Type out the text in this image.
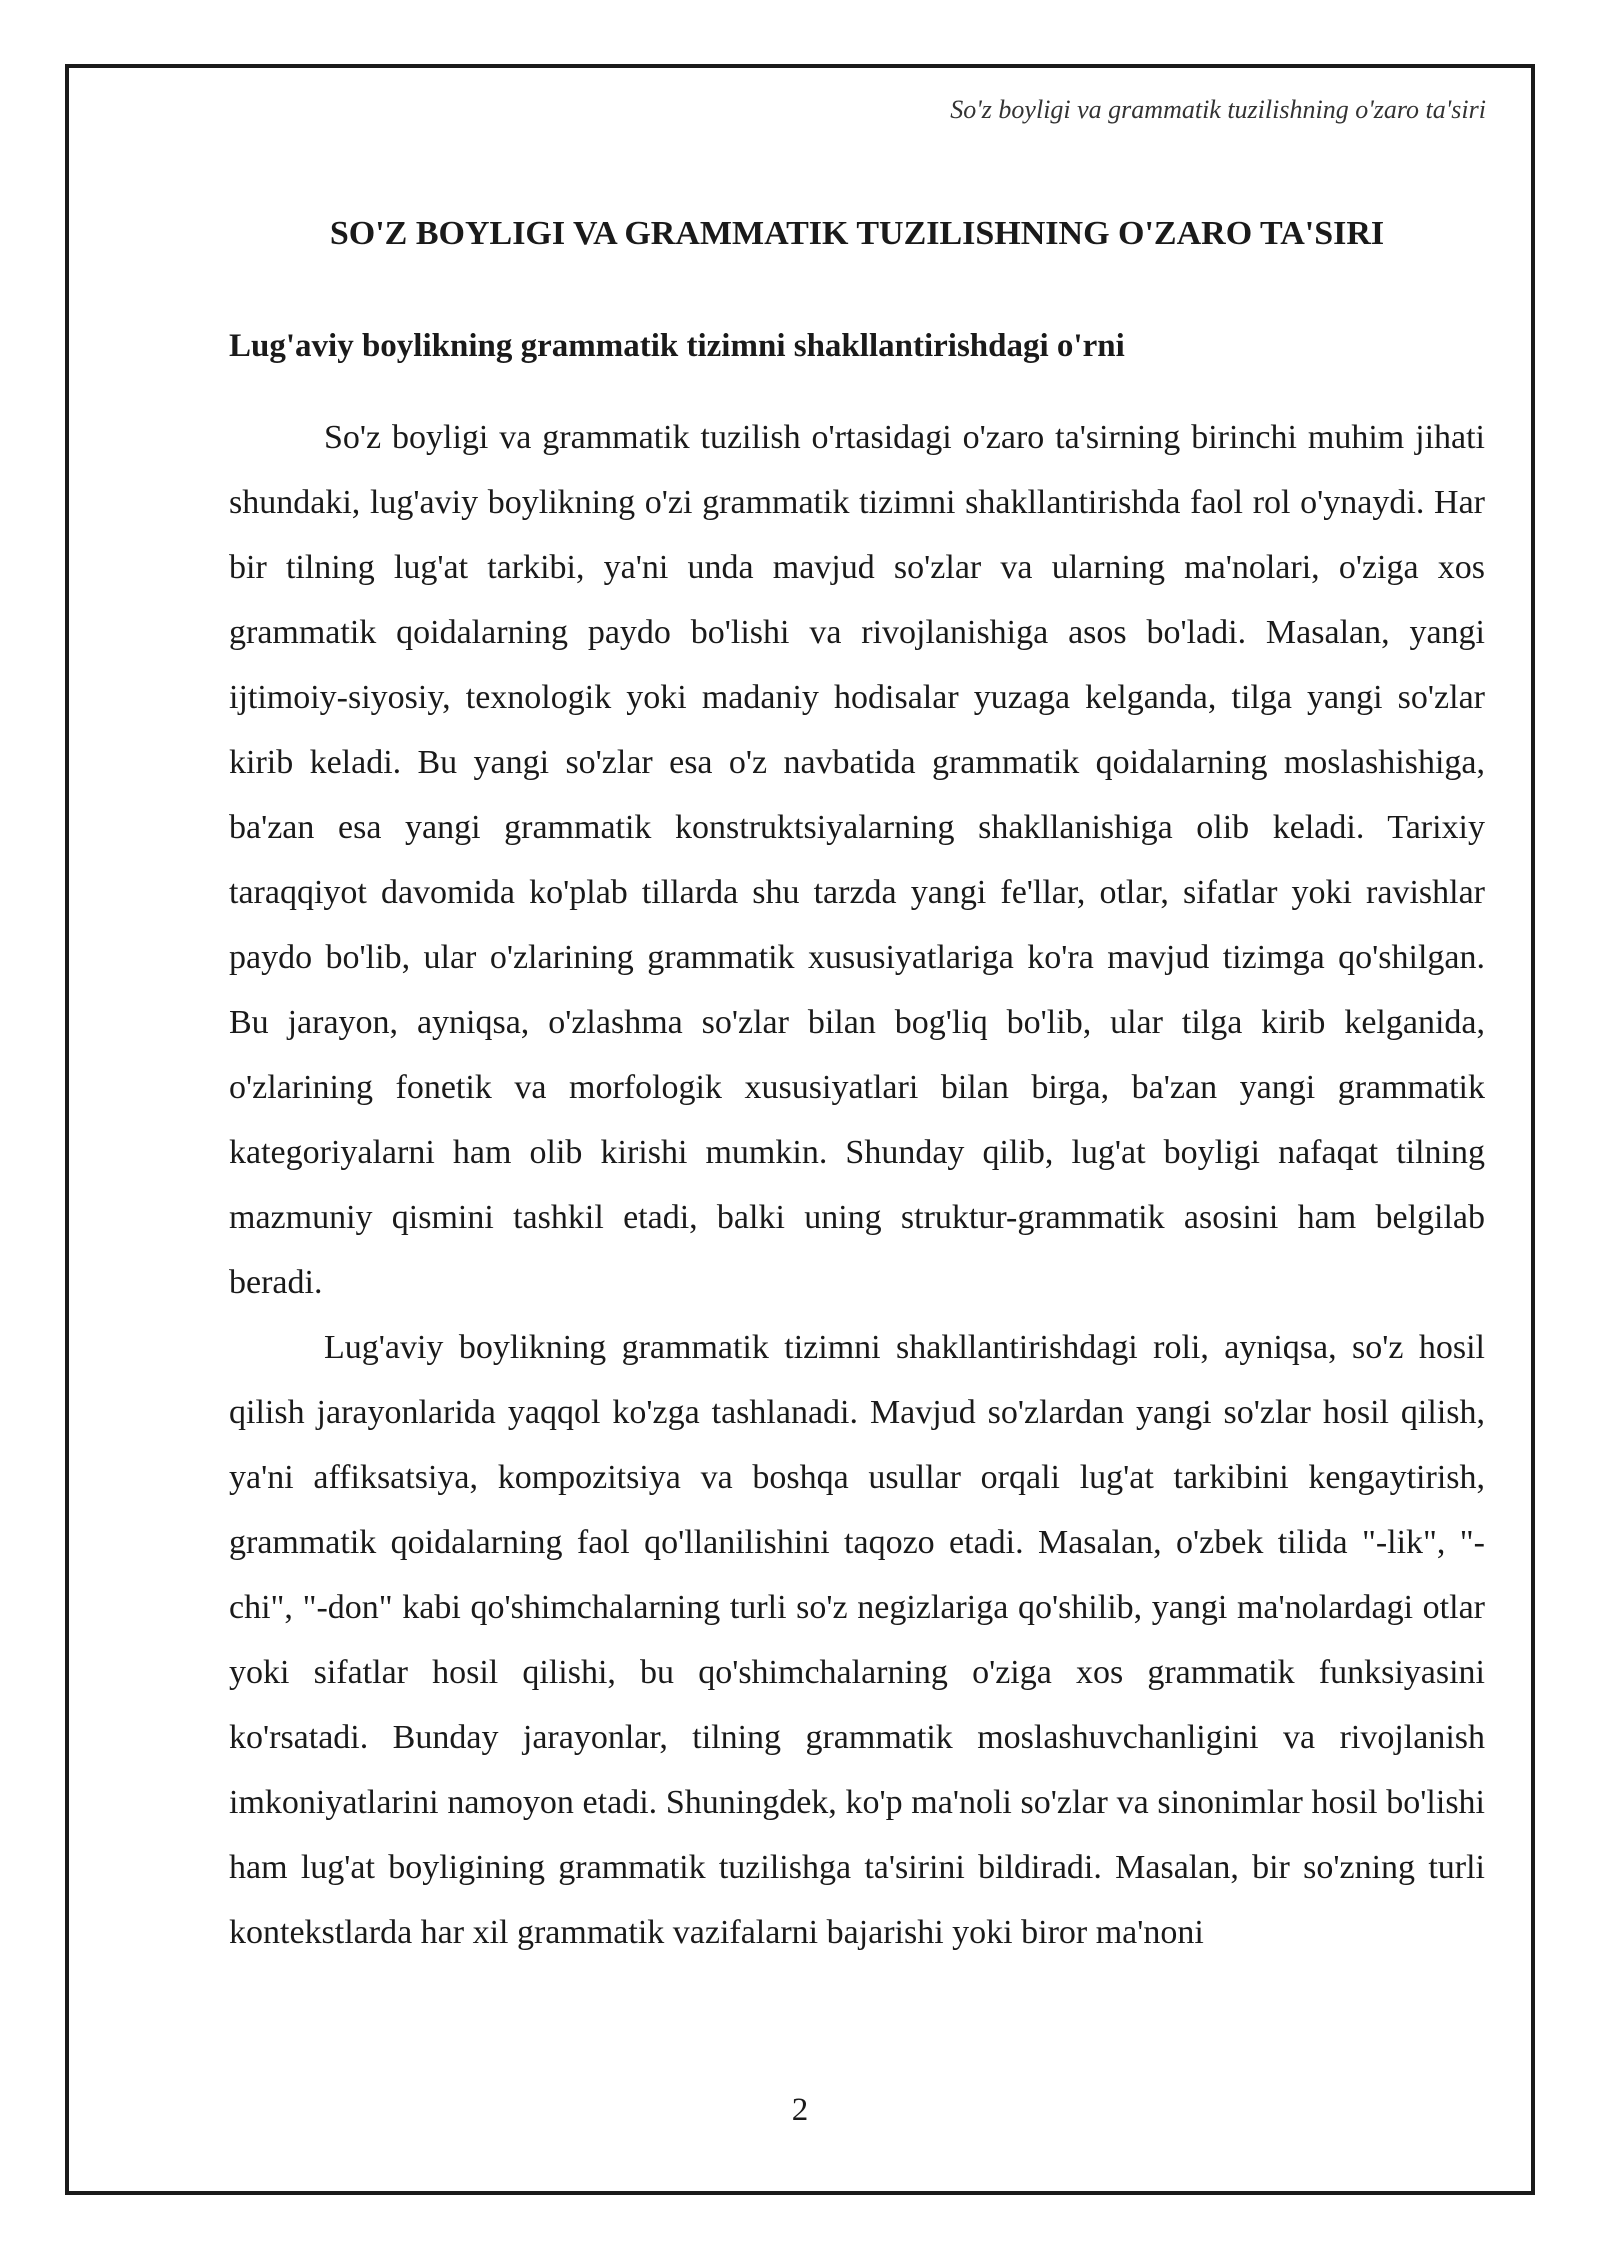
So'z boyligi va grammatik tuzilishning o'zaro ta'siri
SO'Z BOYLIGI VA GRAMMATIK TUZILISHNING O'ZARO TA'SIRI
Lug'aviy boylikning grammatik tizimni shakllantirishdagi o'rni

So'z boyligi va grammatik tuzilish o'rtasidagi o'zaro ta'sirning birinchi muhim jihati shundaki, lug'aviy boylikning o'zi grammatik tizimni shakllantirishda faol rol o'ynaydi. Har bir tilning lug'at tarkibi, ya'ni unda mavjud so'zlar va ularning ma'nolari, o'ziga xos grammatik qoidalarning paydo bo'lishi va rivojlanishiga asos bo'ladi. Masalan, yangi ijtimoiy-siyosiy, texnologik yoki madaniy hodisalar yuzaga kelganda, tilga yangi so'zlar kirib keladi. Bu yangi so'zlar esa o'z navbatida grammatik qoidalarning moslashishiga, ba'zan esa yangi grammatik konstruktsiyalarning shakllanishiga olib keladi. Tarixiy taraqqiyot davomida ko'plab tillarda shu tarzda yangi fe'llar, otlar, sifatlar yoki ravishlar paydo bo'lib, ular o'zlarining grammatik xususiyatlariga ko'ra mavjud tizimga qo'shilgan. Bu jarayon, ayniqsa, o'zlashma so'zlar bilan bog'liq bo'lib, ular tilga kirib kelganida, o'zlarining fonetik va morfologik xususiyatlari bilan birga, ba'zan yangi grammatik kategoriyalarni ham olib kirishi mumkin. Shunday qilib, lug'at boyligi nafaqat tilning mazmuniy qismini tashkil etadi, balki uning struktur-grammatik asosini ham belgilab beradi.

Lug'aviy boylikning grammatik tizimni shakllantirishdagi roli, ayniqsa, so'z hosil qilish jarayonlarida yaqqol ko'zga tashlanadi. Mavjud so'zlardan yangi so'zlar hosil qilish, ya'ni affiksatsiya, kompozitsiya va boshqa usullar orqali lug'at tarkibini kengaytirish, grammatik qoidalarning faol qo'llanilishini taqozo etadi. Masalan, o'zbek tilida "-lik", "-chi", "-don" kabi qo'shimchalarning turli so'z negizlariga qo'shilib, yangi ma'nolardagi otlar yoki sifatlar hosil qilishi, bu qo'shimchalarning o'ziga xos grammatik funksiyasini ko'rsatadi. Bunday jarayonlar, tilning grammatik moslashuvchanligini va rivojlanish imkoniyatlarini namoyon etadi. Shuningdek, ko'p ma'noli so'zlar va sinonimlar hosil bo'lishi ham lug'at boyligining grammatik tuzilishga ta'sirini bildiradi. Masalan, bir so'zning turli kontekstlarda har xil grammatik vazifalarni bajarishi yoki biror ma'noni

2
